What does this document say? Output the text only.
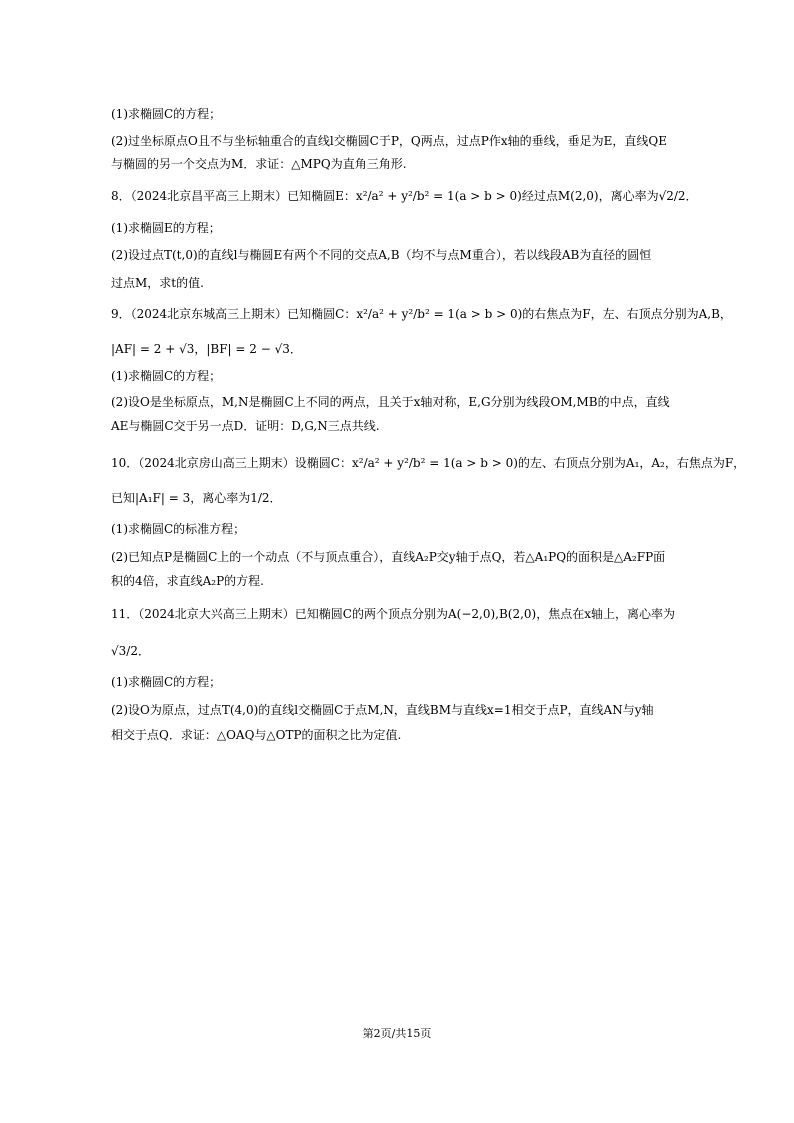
(1)求椭圆C的方程；
(2)过坐标原点O且不与坐标轴重合的直线l交椭圆C于P，Q两点，过点P作x轴的垂线，垂足为E，直线QE
与椭圆的另一个交点为M．求证：△MPQ为直角三角形.
8．（2024北京昌平高三上期末）已知椭圆E：x²/a² + y²/b² = 1(a > b > 0)经过点M(2,0)，离心率为√2/2．
(1)求椭圆E的方程；
(2)设过点T(t,0)的直线l与椭圆E有两个不同的交点A,B（均不与点M重合），若以线段AB为直径的圆恒
过点M，求t的值.
9．（2024北京东城高三上期末）已知椭圆C：x²/a² + y²/b² = 1(a > b > 0)的右焦点为F，左、右顶点分别为A,B，
|AF| = 2 + √3，|BF| = 2 − √3．
(1)求椭圆C的方程；
(2)设O是坐标原点，M,N是椭圆C上不同的两点，且关于x轴对称，E,G分别为线段OM,MB的中点，直线
AE与椭圆C交于另一点D．证明：D,G,N三点共线.
10．（2024北京房山高三上期末）设椭圆C：x²/a² + y²/b² = 1(a > b > 0)的左、右顶点分别为A₁，A₂，右焦点为F，
已知|A₁F| = 3，离心率为1/2．
(1)求椭圆C的标准方程；
(2)已知点P是椭圆C上的一个动点（不与顶点重合），直线A₂P交y轴于点Q，若△A₁PQ的面积是△A₂FP面
积的4倍，求直线A₂P的方程.
11．（2024北京大兴高三上期末）已知椭圆C的两个顶点分别为A(−2,0),B(2,0)，焦点在x轴上，离心率为
√3/2．
(1)求椭圆C的方程；
(2)设O为原点，过点T(4,0)的直线l交椭圆C于点M,N，直线BM与直线x=1相交于点P，直线AN与y轴
相交于点Q．求证：△OAQ与△OTP的面积之比为定值.
第2页/共15页
